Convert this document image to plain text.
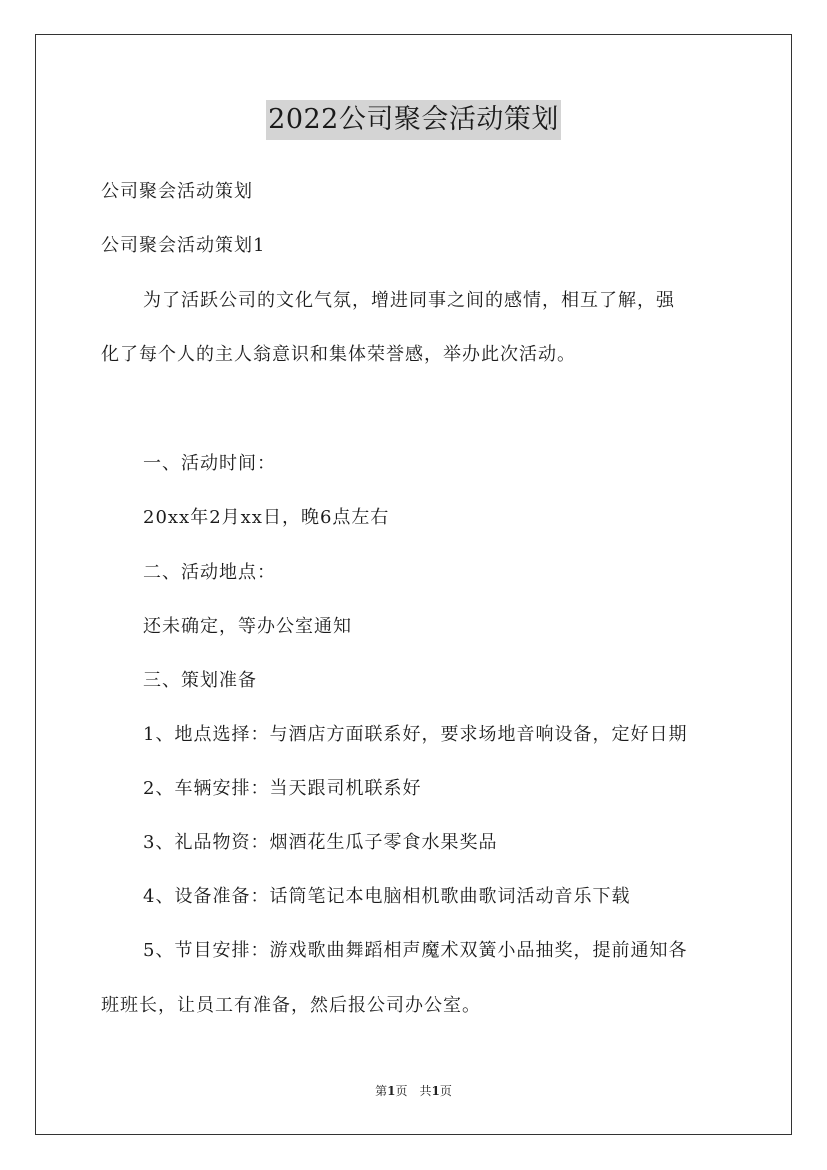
2022公司聚会活动策划
公司聚会活动策划
公司聚会活动策划1
为了活跃公司的文化气氛，增进同事之间的感情，相互了解，强
化了每个人的主人翁意识和集体荣誉感，举办此次活动。
一、活动时间：
20xx年2月xx日，晚6点左右
二、活动地点：
还未确定，等办公室通知
三、策划准备
1、地点选择：与酒店方面联系好，要求场地音响设备，定好日期
2、车辆安排：当天跟司机联系好
3、礼品物资：烟酒花生瓜子零食水果奖品
4、设备准备：话筒笔记本电脑相机歌曲歌词活动音乐下载
5、节目安排：游戏歌曲舞蹈相声魔术双簧小品抽奖，提前通知各
班班长，让员工有准备，然后报公司办公室。
第1页　共1页
